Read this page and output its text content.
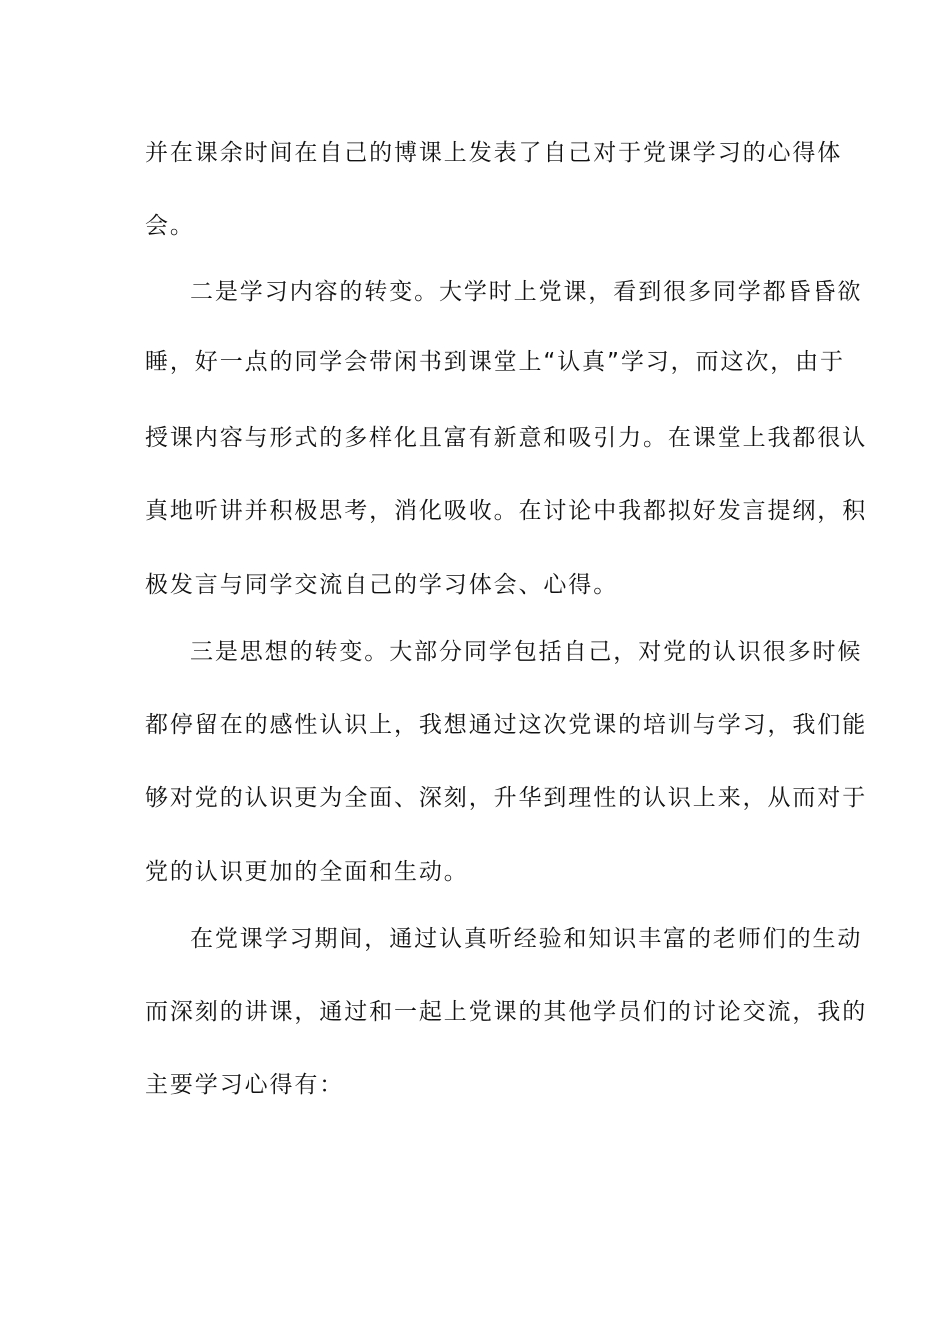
并在课余时间在自己的博课上发表了自己对于党课学习的心得体
会。
二是学习内容的转变。大学时上党课，看到很多同学都昏昏欲
睡，好一点的同学会带闲书到课堂上“认真”学习，而这次，由于
授课内容与形式的多样化且富有新意和吸引力。在课堂上我都很认
真地听讲并积极思考，消化吸收。在讨论中我都拟好发言提纲，积
极发言与同学交流自己的学习体会、心得。
三是思想的转变。大部分同学包括自己，对党的认识很多时候
都停留在的感性认识上，我想通过这次党课的培训与学习，我们能
够对党的认识更为全面、深刻，升华到理性的认识上来，从而对于
党的认识更加的全面和生动。
在党课学习期间，通过认真听经验和知识丰富的老师们的生动
而深刻的讲课，通过和一起上党课的其他学员们的讨论交流，我的
主要学习心得有：
